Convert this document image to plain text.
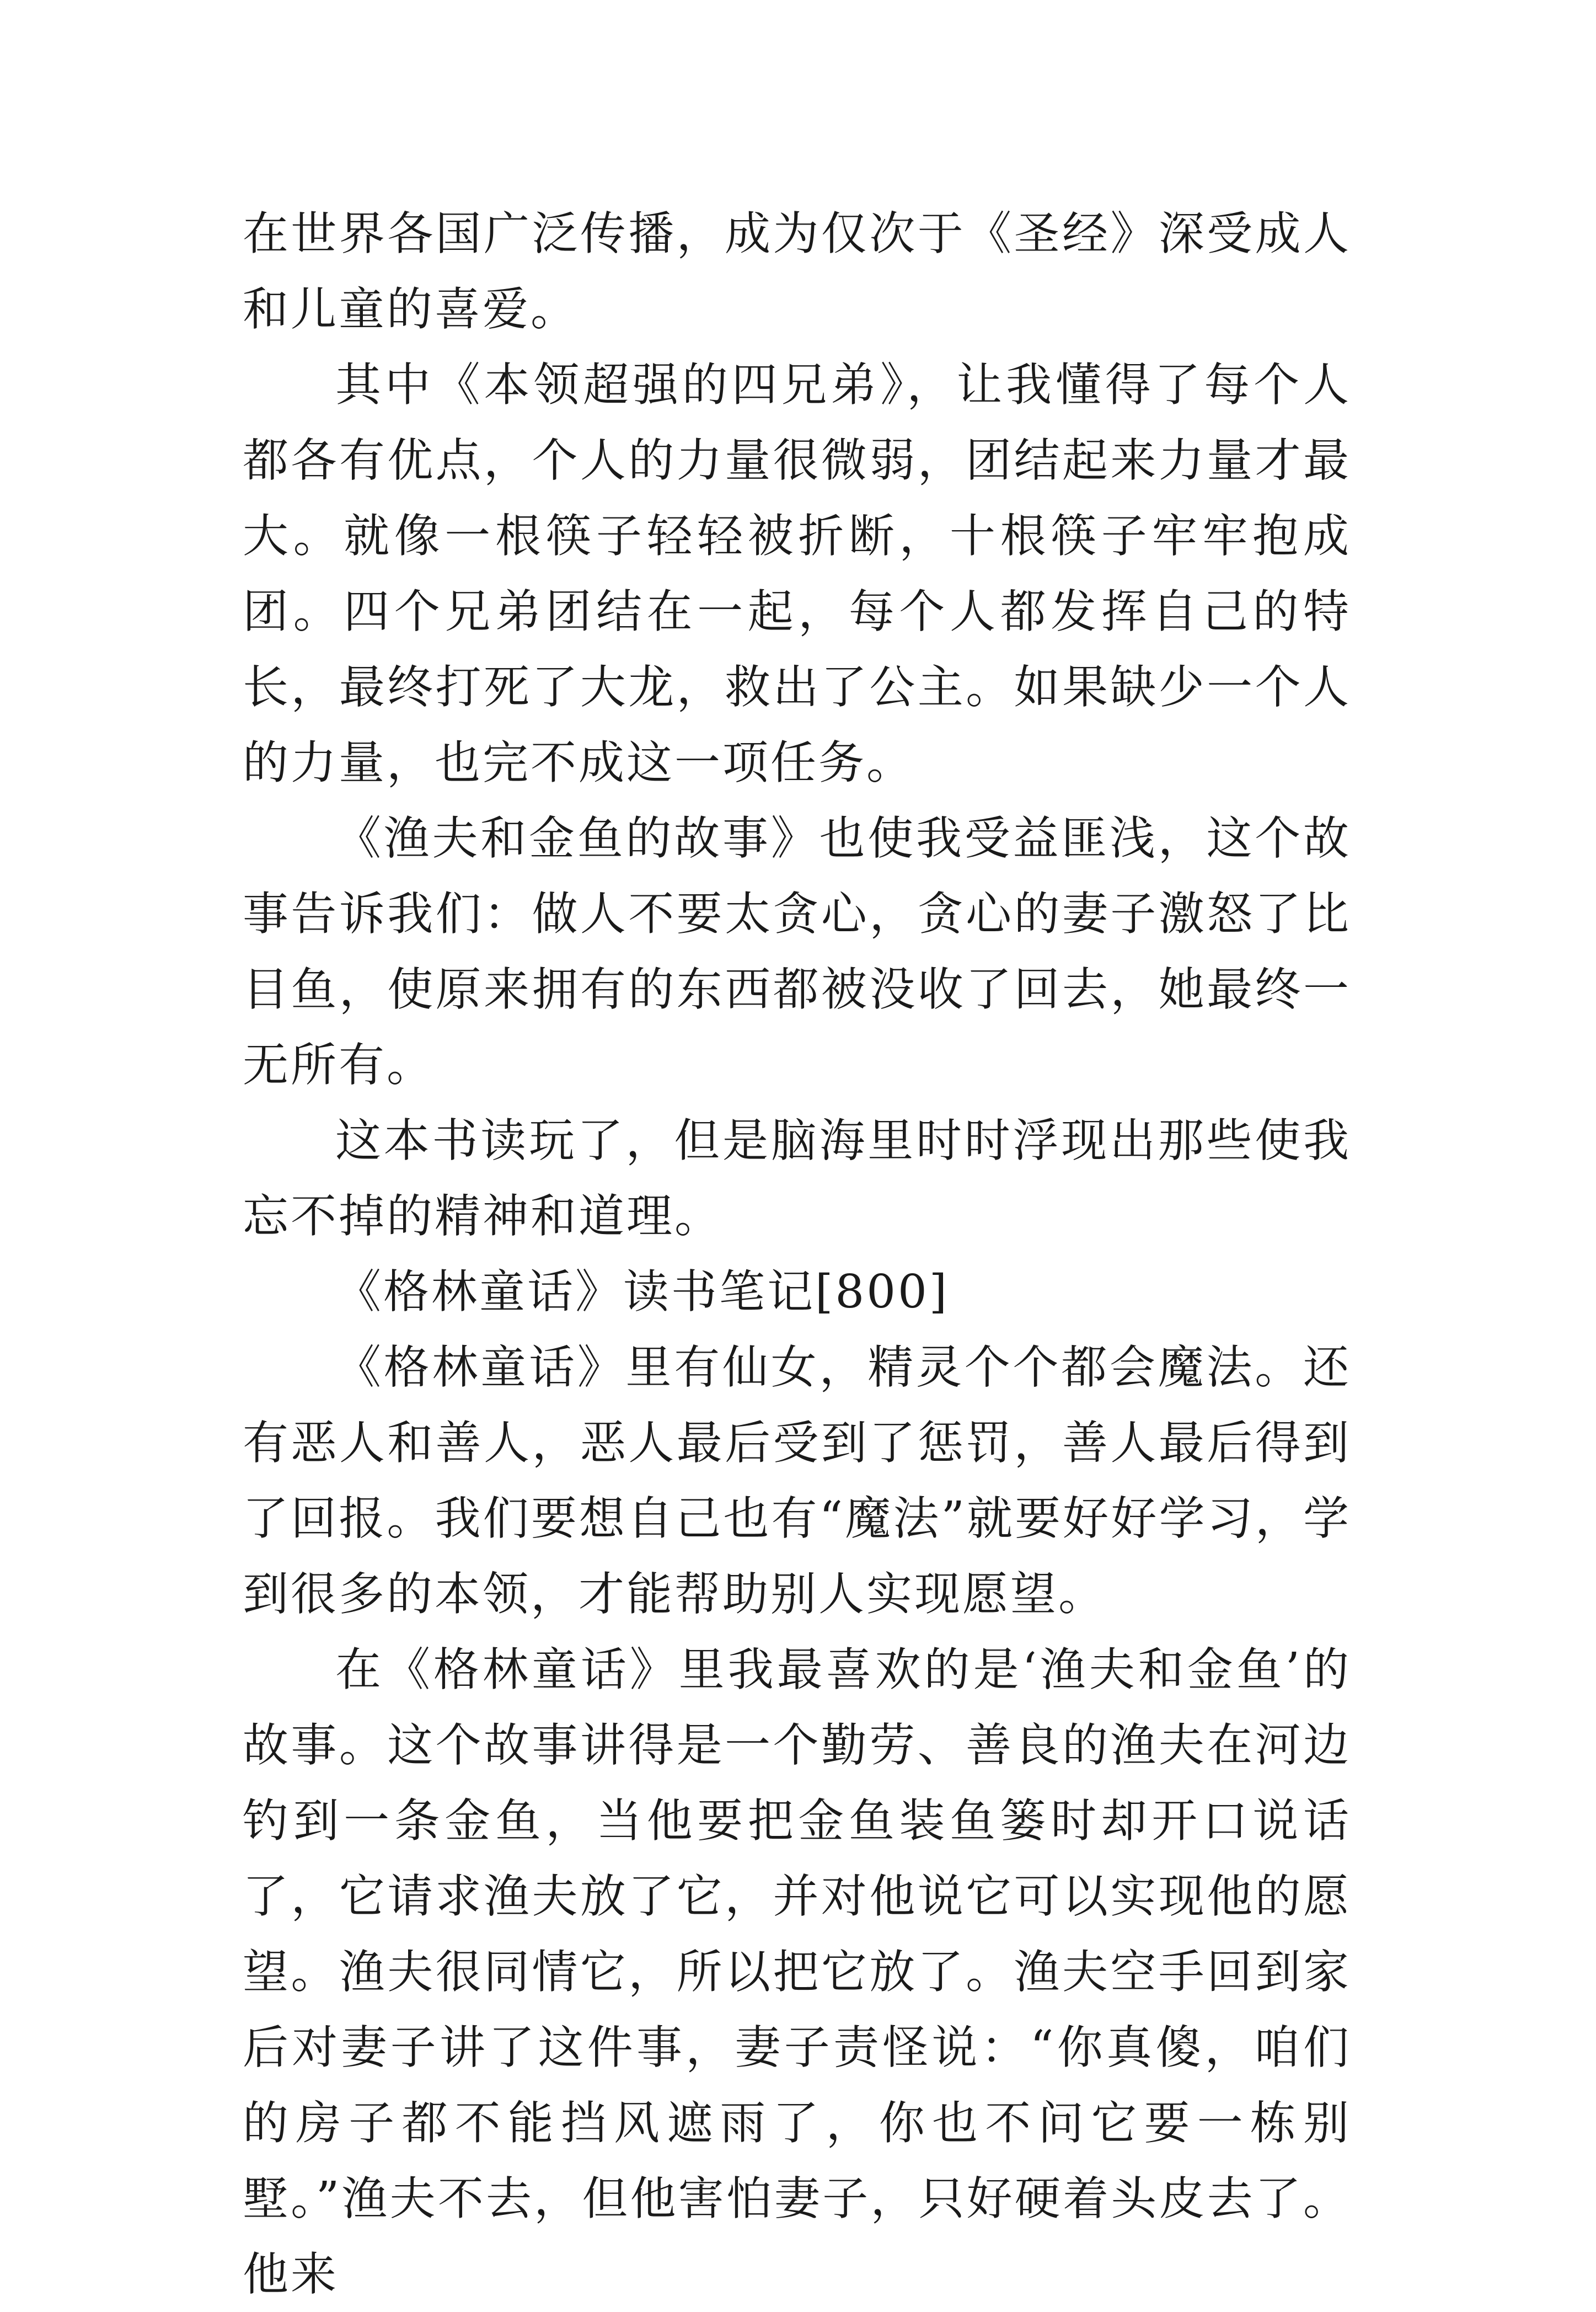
在世界各国广泛传播，成为仅次于《圣经》深受成人和儿童的喜爱。

其中《本领超强的四兄弟》，让我懂得了每个人都各有优点，个人的力量很微弱，团结起来力量才最大。就像一根筷子轻轻被折断，十根筷子牢牢抱成团。四个兄弟团结在一起，每个人都发挥自己的特长，最终打死了大龙，救出了公主。如果缺少一个人的力量，也完不成这一项任务。

《渔夫和金鱼的故事》也使我受益匪浅，这个故事告诉我们：做人不要太贪心，贪心的妻子激怒了比目鱼，使原来拥有的东西都被没收了回去，她最终一无所有。

这本书读玩了，但是脑海里时时浮现出那些使我忘不掉的精神和道理。

《格林童话》读书笔记[800]

《格林童话》里有仙女，精灵个个都会魔法。还有恶人和善人，恶人最后受到了惩罚，善人最后得到了回报。我们要想自己也有“魔法”就要好好学习，学到很多的本领，才能帮助别人实现愿望。

在《格林童话》里我最喜欢的是‘渔夫和金鱼’的故事。这个故事讲得是一个勤劳、善良的渔夫在河边钓到一条金鱼，当他要把金鱼装鱼篓时却开口说话了，它请求渔夫放了它，并对他说它可以实现他的愿望。渔夫很同情它，所以把它放了。渔夫空手回到家后对妻子讲了这件事，妻子责怪说：“你真傻，咱们的房子都不能挡风遮雨了，你也不问它要一栋别墅。”渔夫不去，但他害怕妻子，只好硬着头皮去了。他来
